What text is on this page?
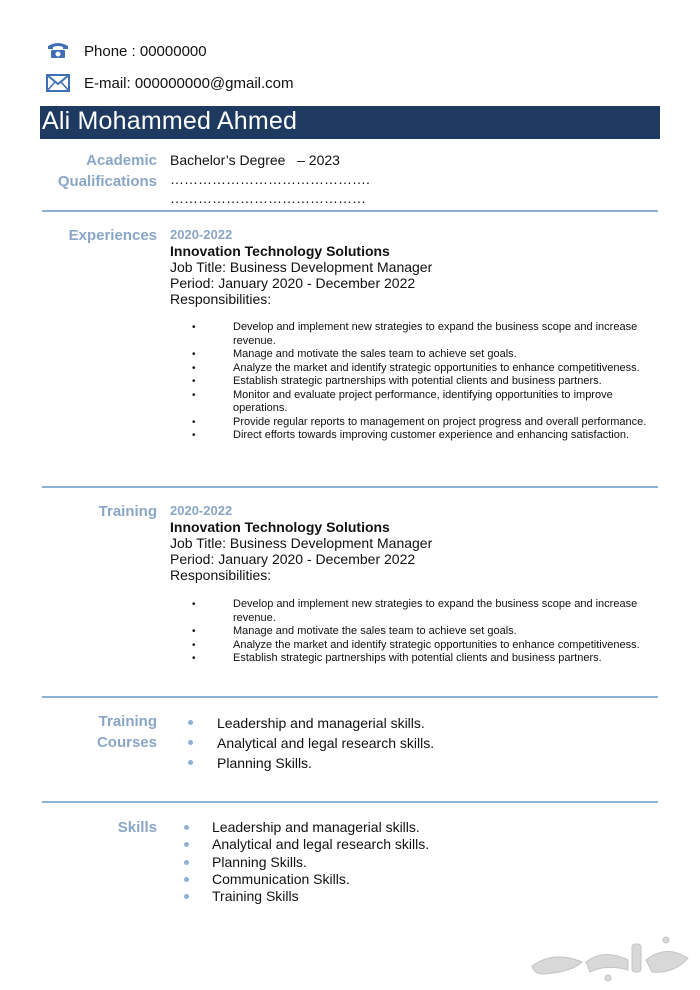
Phone : 00000000
E-mail: 000000000@gmail.com
Ali Mohammed Ahmed
Academic
Qualifications
Bachelor’s Degree   – 2023
…………………………………….
……………………………………
Experiences 2020-2022
Innovation Technology Solutions
Job Title: Business Development Manager
Period: January 2020 - December 2022
Responsibilities:
• Develop and implement new strategies to expand the business scope and increase revenue.
• Manage and motivate the sales team to achieve set goals.
• Analyze the market and identify strategic opportunities to enhance competitiveness.
• Establish strategic partnerships with potential clients and business partners.
• Monitor and evaluate project performance, identifying opportunities to improve operations.
• Provide regular reports to management on project progress and overall performance.
• Direct efforts towards improving customer experience and enhancing satisfaction.
Training 2020-2022
Innovation Technology Solutions
Job Title: Business Development Manager
Period: January 2020 - December 2022
Responsibilities:
• Develop and implement new strategies to expand the business scope and increase revenue.
• Manage and motivate the sales team to achieve set goals.
• Analyze the market and identify strategic opportunities to enhance competitiveness.
• Establish strategic partnerships with potential clients and business partners.
Training
Courses
Leadership and managerial skills.
Analytical and legal research skills.
Planning Skills.
Skills	Leadership and managerial skills.
Analytical and legal research skills.
Planning Skills.
Communication Skills.
Training Skills
